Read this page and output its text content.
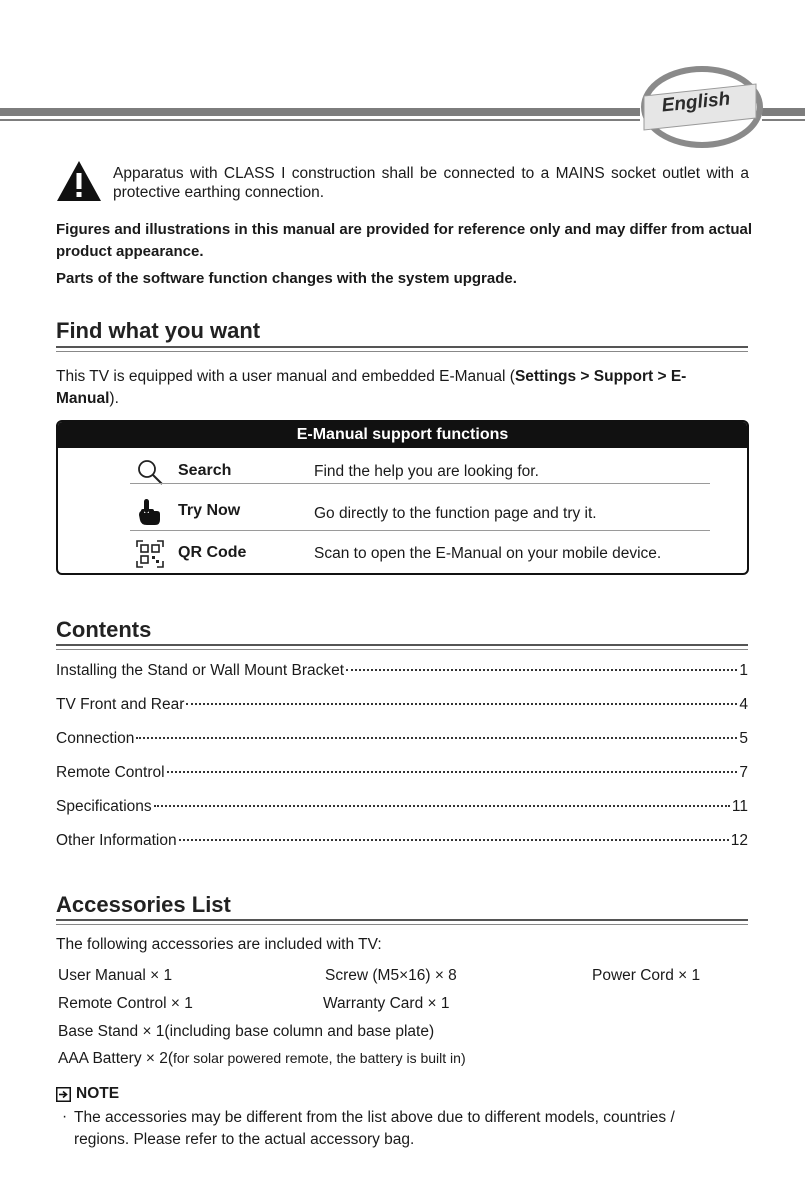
English
Apparatus with CLASS I construction shall be connected to a MAINS socket outlet with a protective earthing connection.
Figures and illustrations in this manual are provided for reference only and may differ from actual product appearance.
Parts of the software function changes with the system upgrade.
Find what you want
This TV is equipped with a user manual and embedded E-Manual (Settings > Support > E-Manual).
E-Manual support functions
Search	Find the help you are looking for.
Try Now	Go directly to the function page and try it.
QR Code	Scan to open the E-Manual on your mobile device.
Contents
Installing the Stand or Wall Mount Bracket	1
TV Front and Rear	4
Connection	5
Remote Control	7
Specifications	11
Other Information	12
Accessories List
The following accessories are included with TV:
User Manual × 1	Screw (M5×16) × 8	Power Cord × 1
Remote Control × 1	Warranty Card × 1
Base Stand × 1(including base column and base plate)
AAA Battery × 2(for solar powered remote, the battery is built in)
NOTE
· The accessories may be different from the list above due to different models, countries / regions. Please refer to the actual accessory bag.
